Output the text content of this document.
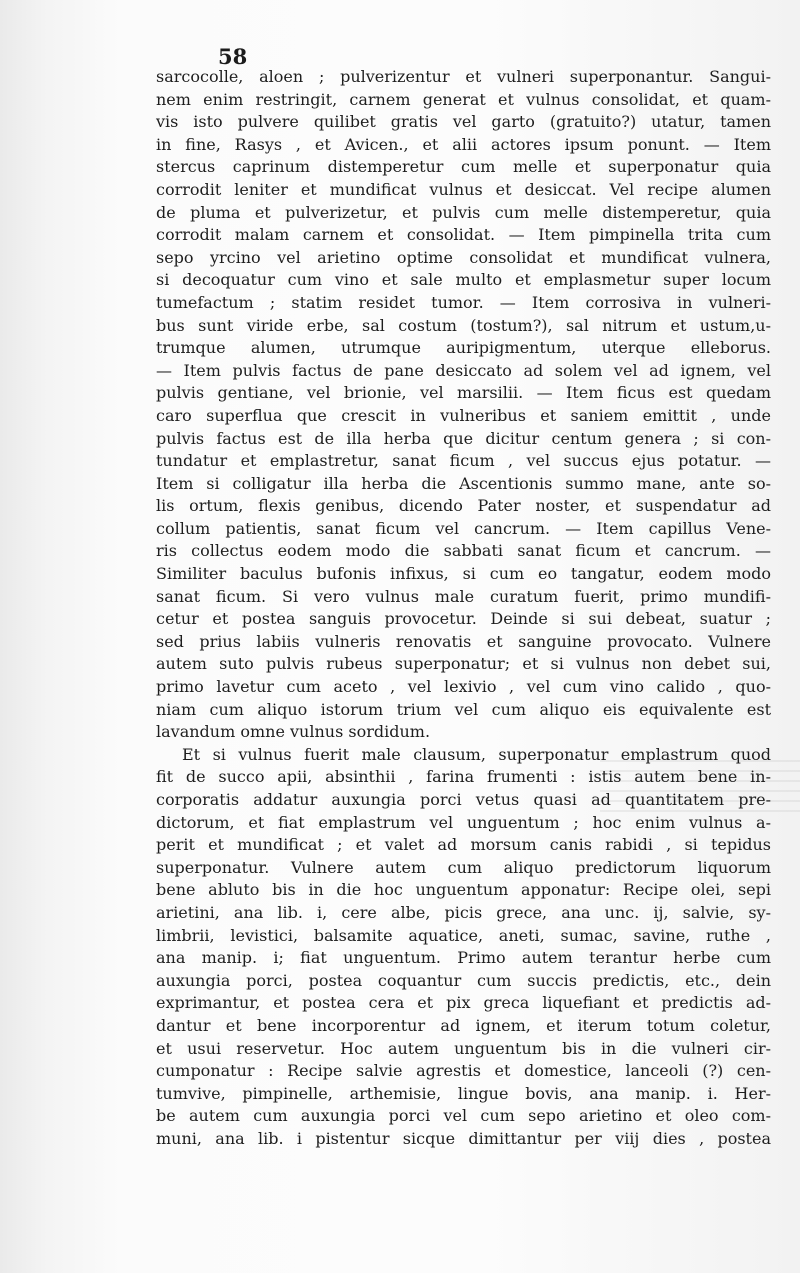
58
sarcocolle, aloen ; pulverizentur et vulneri superponantur. Sangui-
nem enim restringit, carnem generat et vulnus consolidat, et quam-
vis isto pulvere quilibet gratis vel garto (gratuito?) utatur, tamen
in fine, Rasys , et Avicen., et alii actores ipsum ponunt. — Item
stercus caprinum distemperetur cum melle et superponatur quia
corrodit leniter et mundificat vulnus et desiccat. Vel recipe alumen
de pluma et pulverizetur, et pulvis cum melle distemperetur, quia
corrodit malam carnem et consolidat. — Item pimpinella trita cum
sepo yrcino vel arietino optime consolidat et mundificat vulnera,
si decoquatur cum vino et sale multo et emplasmetur super locum
tumefactum ; statim residet tumor. — Item corrosiva in vulneri-
bus sunt viride erbe, sal costum (tostum?), sal nitrum et ustum,u-
trumque alumen, utrumque auripigmentum, uterque elleborus.
— Item pulvis factus de pane desiccato ad solem vel ad ignem, vel
pulvis gentiane, vel brionie, vel marsilii. — Item ficus est quedam
caro superflua que crescit in vulneribus et saniem emittit , unde
pulvis factus est de illa herba que dicitur centum genera ; si con-
tundatur et emplastretur, sanat ficum , vel succus ejus potatur. —
Item si colligatur illa herba die Ascentionis summo mane, ante so-
lis ortum, flexis genibus, dicendo Pater noster, et suspendatur ad
collum patientis, sanat ficum vel cancrum. — Item capillus Vene-
ris collectus eodem modo die sabbati sanat ficum et cancrum. —
Similiter baculus bufonis infixus, si cum eo tangatur, eodem modo
sanat ficum. Si vero vulnus male curatum fuerit, primo mundifi-
cetur et postea sanguis provocetur. Deinde si sui debeat, suatur ;
sed prius labiis vulneris renovatis et sanguine provocato. Vulnere
autem suto pulvis rubeus superponatur; et si vulnus non debet sui,
primo lavetur cum aceto , vel lexivio , vel cum vino calido , quo-
niam cum aliquo istorum trium vel cum aliquo eis equivalente est
lavandum omne vulnus sordidum.
Et si vulnus fuerit male clausum, superponatur emplastrum quod
fit de succo apii, absinthii , farina frumenti : istis autem bene in-
corporatis addatur auxungia porci vetus quasi ad quantitatem pre-
dictorum, et fiat emplastrum vel unguentum ; hoc enim vulnus a-
perit et mundificat ; et valet ad morsum canis rabidi , si tepidus
superponatur. Vulnere autem cum aliquo predictorum liquorum
bene abluto bis in die hoc unguentum apponatur: Recipe olei, sepi
arietini, ana lib. i, cere albe, picis grece, ana unc. ij, salvie, sy-
limbrii, levistici, balsamite aquatice, aneti, sumac, savine, ruthe ,
ana manip. i; fiat unguentum. Primo autem terantur herbe cum
auxungia porci, postea coquantur cum succis predictis, etc., dein
exprimantur, et postea cera et pix greca liquefiant et predictis ad-
dantur et bene incorporentur ad ignem, et iterum totum coletur,
et usui reservetur. Hoc autem unguentum bis in die vulneri cir-
cumponatur : Recipe salvie agrestis et domestice, lanceoli (?) cen-
tumvive, pimpinelle, arthemisie, lingue bovis, ana manip. i. Her-
be autem cum auxungia porci vel cum sepo arietino et oleo com-
muni, ana lib. i pistentur sicque dimittantur per viij dies , postea
